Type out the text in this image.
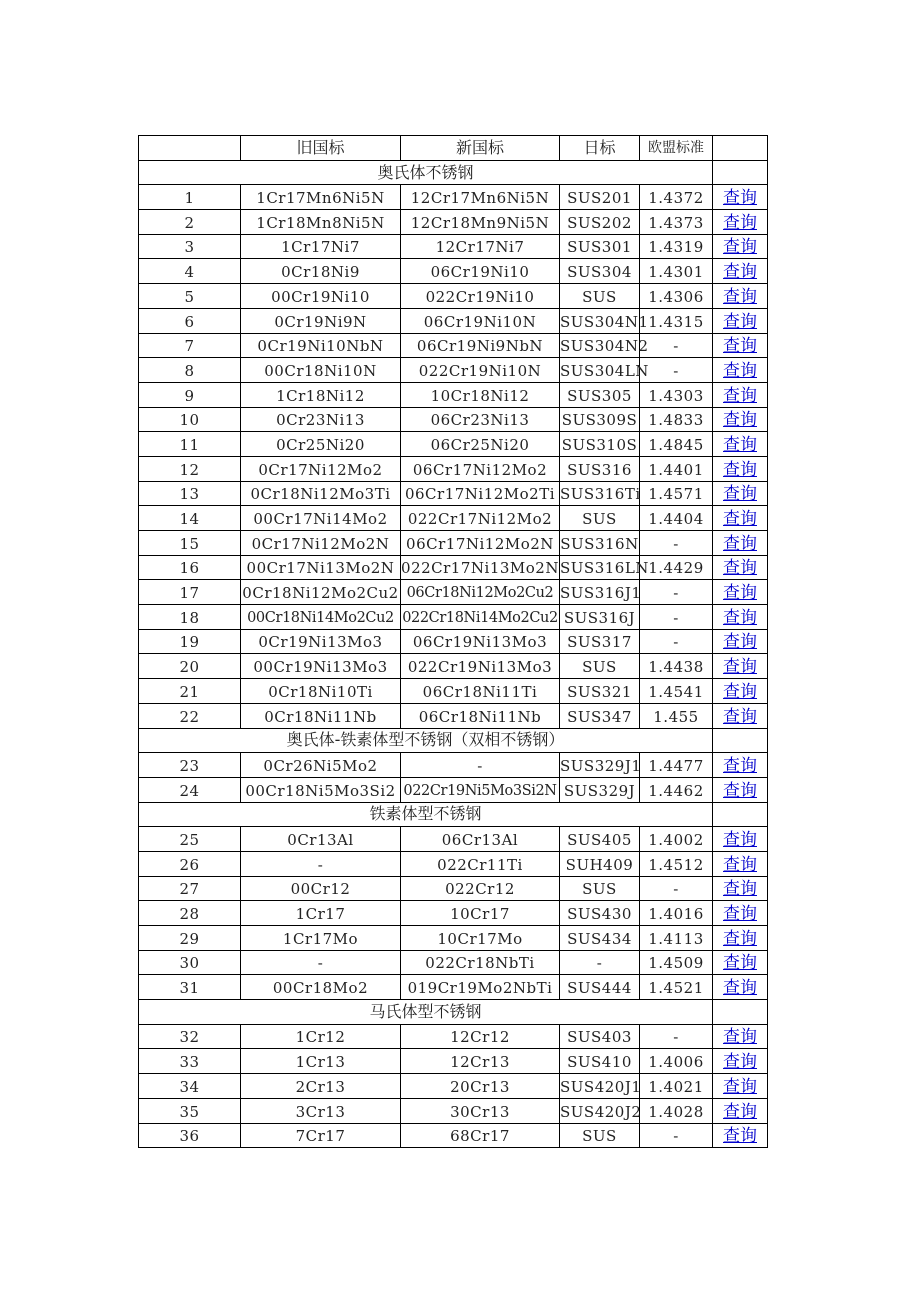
	旧国标	新国标	日标	欧盟标准	
奥氏体不锈钢					
1	1Cr17Mn6Ni5N	12Cr17Mn6Ni5N	SUS201	1.4372	查询
2	1Cr18Mn8Ni5N	12Cr18Mn9Ni5N	SUS202	1.4373	查询
3	1Cr17Ni7	12Cr17Ni7	SUS301	1.4319	查询
4	0Cr18Ni9	06Cr19Ni10	SUS304	1.4301	查询
5	00Cr19Ni10	022Cr19Ni10	SUS	1.4306	查询
6	0Cr19Ni9N	06Cr19Ni10N	SUS304N1	1.4315	查询
7	0Cr19Ni10NbN	06Cr19Ni9NbN	SUS304N2	-	查询
8	00Cr18Ni10N	022Cr19Ni10N	SUS304LN	-	查询
9	1Cr18Ni12	10Cr18Ni12	SUS305	1.4303	查询
10	0Cr23Ni13	06Cr23Ni13	SUS309S	1.4833	查询
11	0Cr25Ni20	06Cr25Ni20	SUS310S	1.4845	查询
12	0Cr17Ni12Mo2	06Cr17Ni12Mo2	SUS316	1.4401	查询
13	0Cr18Ni12Mo3Ti	06Cr17Ni12Mo2Ti	SUS316Ti	1.4571	查询
14	00Cr17Ni14Mo2	022Cr17Ni12Mo2	SUS	1.4404	查询
15	0Cr17Ni12Mo2N	06Cr17Ni12Mo2N	SUS316N	-	查询
16	00Cr17Ni13Mo2N	022Cr17Ni13Mo2N	SUS316LN	1.4429	查询
17	0Cr18Ni12Mo2Cu2	06Cr18Ni12Mo2Cu2	SUS316J1	-	查询
18	00Cr18Ni14Mo2Cu2	022Cr18Ni14Mo2Cu2	SUS316J	-	查询
19	0Cr19Ni13Mo3	06Cr19Ni13Mo3	SUS317	-	查询
20	00Cr19Ni13Mo3	022Cr19Ni13Mo3	SUS	1.4438	查询
21	0Cr18Ni10Ti	06Cr18Ni11Ti	SUS321	1.4541	查询
22	0Cr18Ni11Nb	06Cr18Ni11Nb	SUS347	1.455	查询
奥氏体-铁素体型不锈钢（双相不锈钢）					
23	0Cr26Ni5Mo2	-	SUS329J1	1.4477	查询
24	00Cr18Ni5Mo3Si2	022Cr19Ni5Mo3Si2N	SUS329J	1.4462	查询
铁素体型不锈钢					
25	0Cr13Al	06Cr13Al	SUS405	1.4002	查询
26	-	022Cr11Ti	SUH409	1.4512	查询
27	00Cr12	022Cr12	SUS	-	查询
28	1Cr17	10Cr17	SUS430	1.4016	查询
29	1Cr17Mo	10Cr17Mo	SUS434	1.4113	查询
30	-	022Cr18NbTi	-	1.4509	查询
31	00Cr18Mo2	019Cr19Mo2NbTi	SUS444	1.4521	查询
马氏体型不锈钢					
32	1Cr12	12Cr12	SUS403	-	查询
33	1Cr13	12Cr13	SUS410	1.4006	查询
34	2Cr13	20Cr13	SUS420J1	1.4021	查询
35	3Cr13	30Cr13	SUS420J2	1.4028	查询
36	7Cr17	68Cr17	SUS	-	查询
